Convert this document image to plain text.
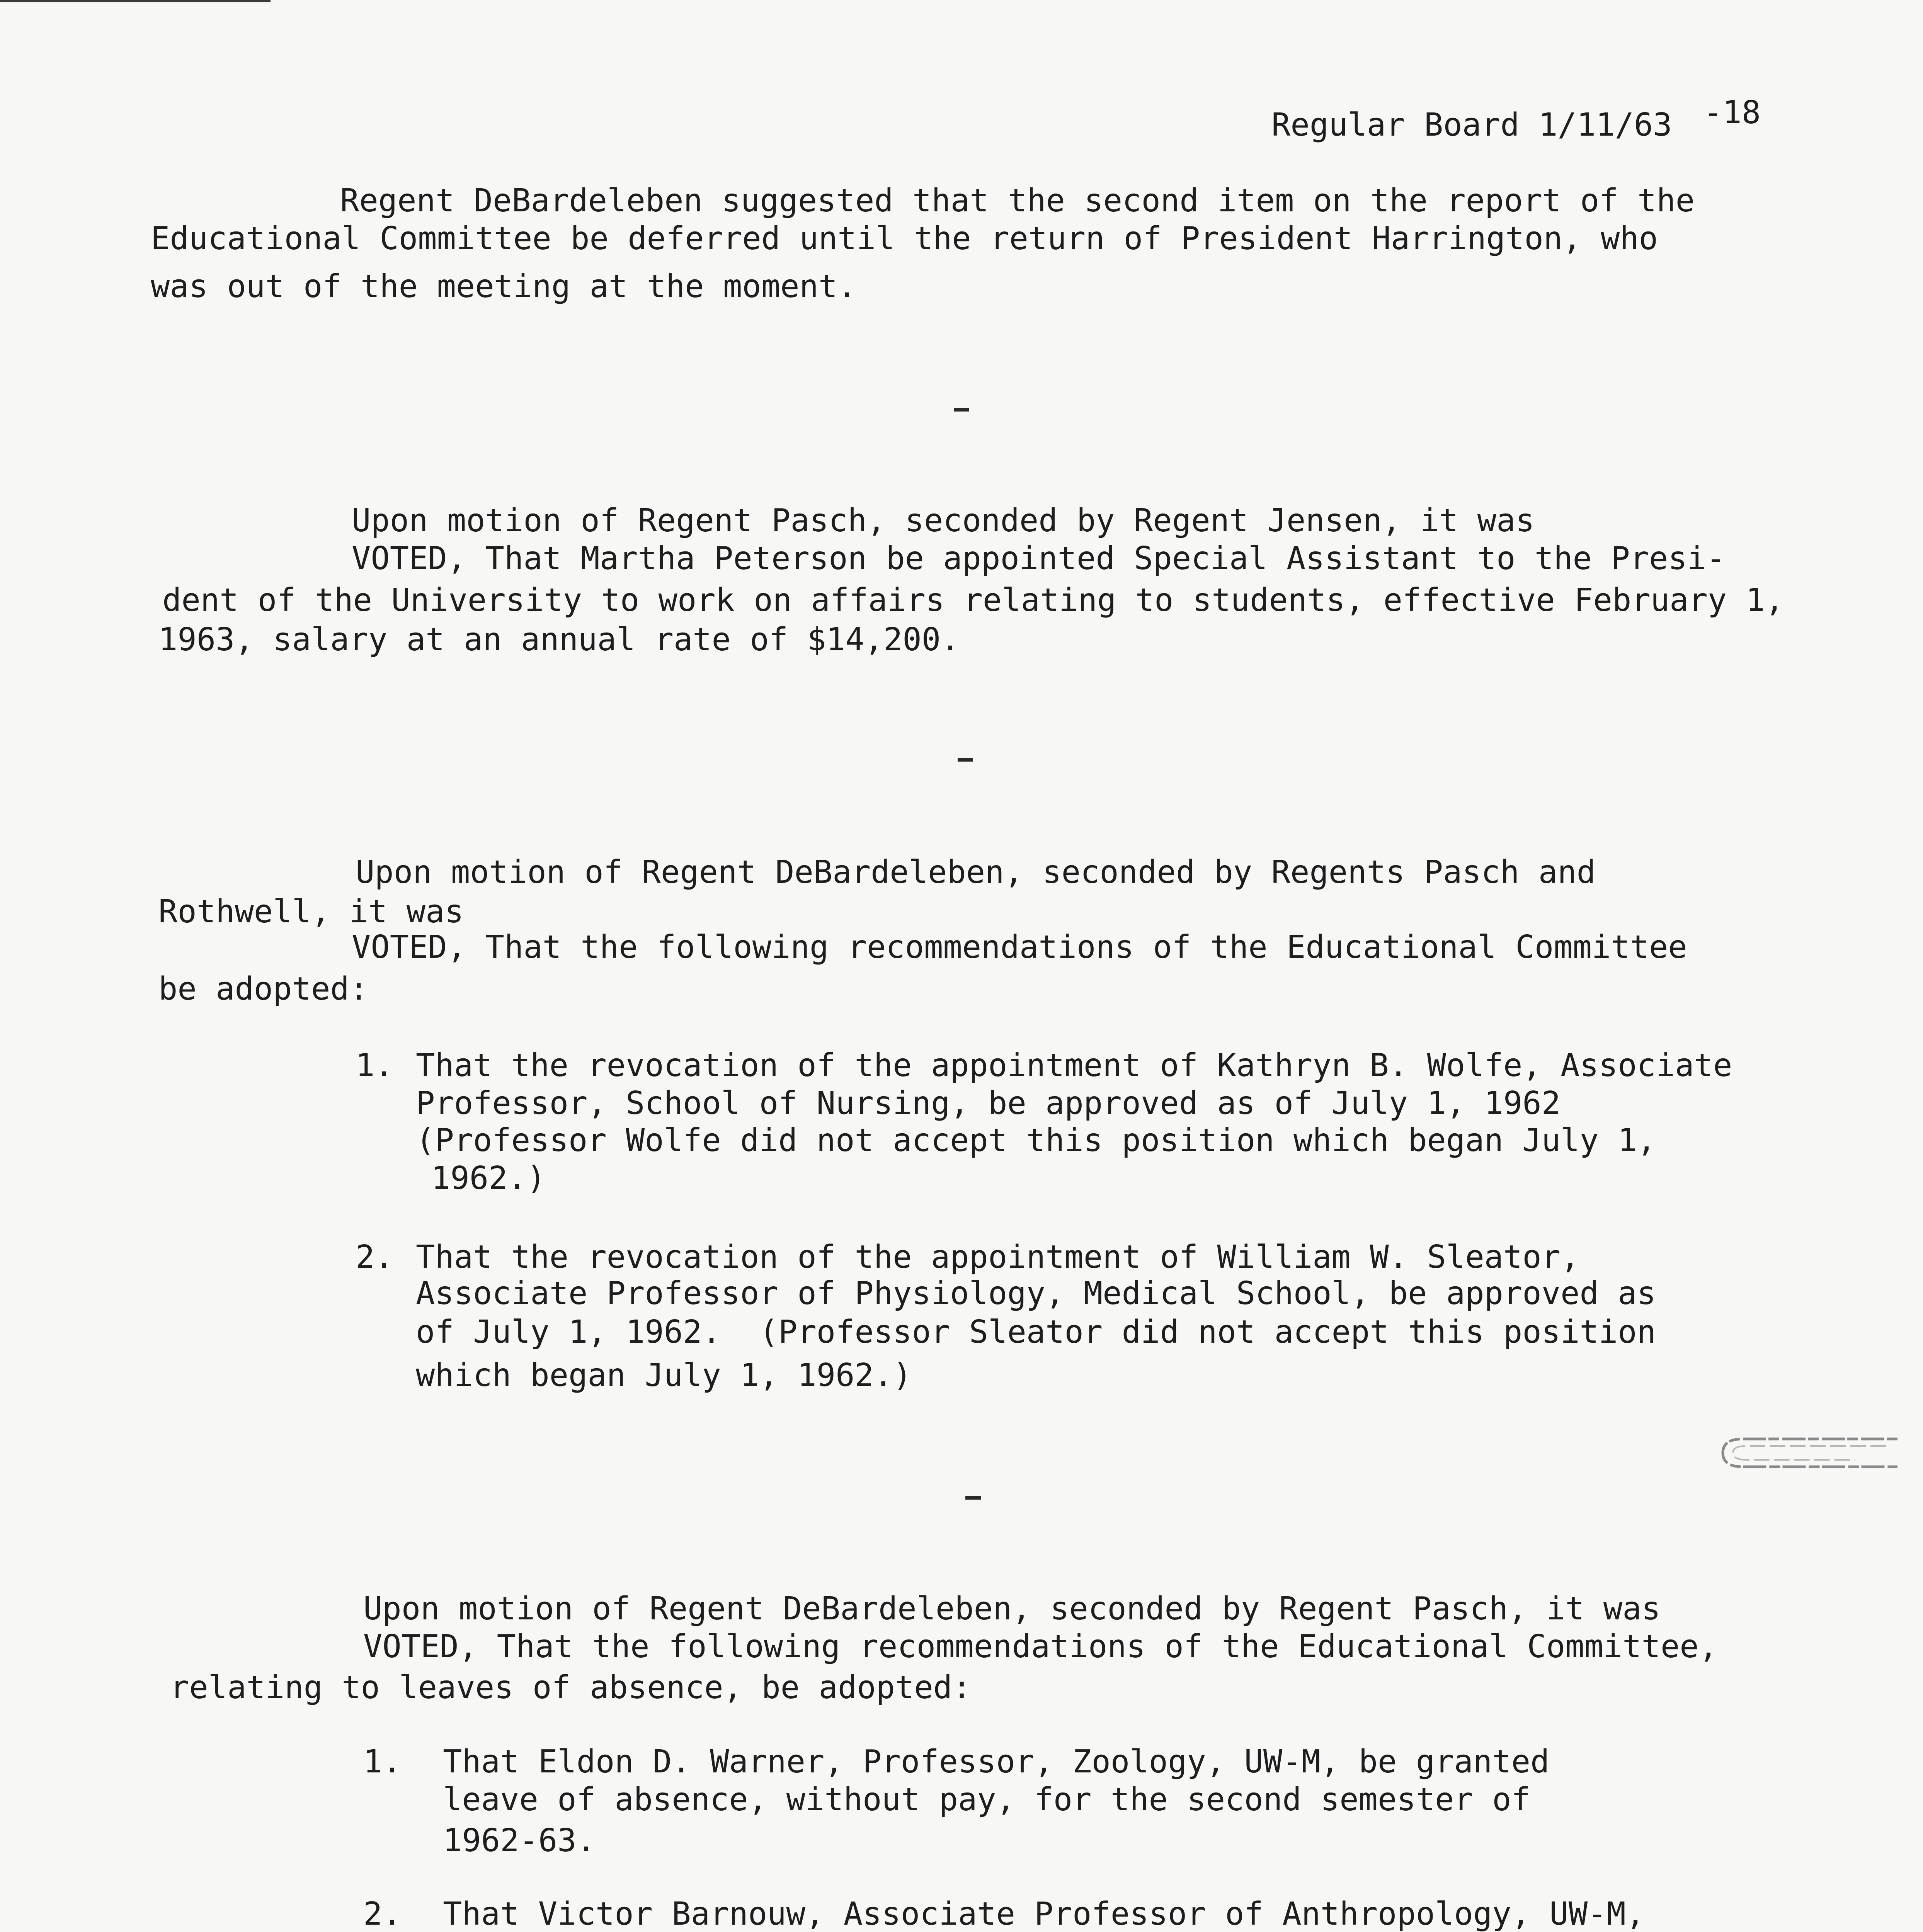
Regular Board 1/11/63 -18
Regent DeBardeleben suggested that the second item on the report of the
Educational Committee be deferred until the return of President Harrington, who
was out of the meeting at the moment.
Upon motion of Regent Pasch, seconded by Regent Jensen, it was
VOTED, That Martha Peterson be appointed Special Assistant to the Presi-
dent of the University to work on affairs relating to students, effective February 1,
1963, salary at an annual rate of $14,200.
Upon motion of Regent DeBardeleben, seconded by Regents Pasch and
Rothwell, it was
VOTED, That the following recommendations of the Educational Committee
be adopted:
1. That the revocation of the appointment of Kathryn B. Wolfe, Associate
Professor, School of Nursing, be approved as of July 1, 1962
(Professor Wolfe did not accept this position which began July 1,
1962.)
2. That the revocation of the appointment of William W. Sleator,
Associate Professor of Physiology, Medical School, be approved as
of July 1, 1962.  (Professor Sleator did not accept this position
which began July 1, 1962.)
Upon motion of Regent DeBardeleben, seconded by Regent Pasch, it was
VOTED, That the following recommendations of the Educational Committee,
relating to leaves of absence, be adopted:
1. That Eldon D. Warner, Professor, Zoology, UW-M, be granted
leave of absence, without pay, for the second semester of
1962-63.
2. That Victor Barnouw, Associate Professor of Anthropology, UW-M,
